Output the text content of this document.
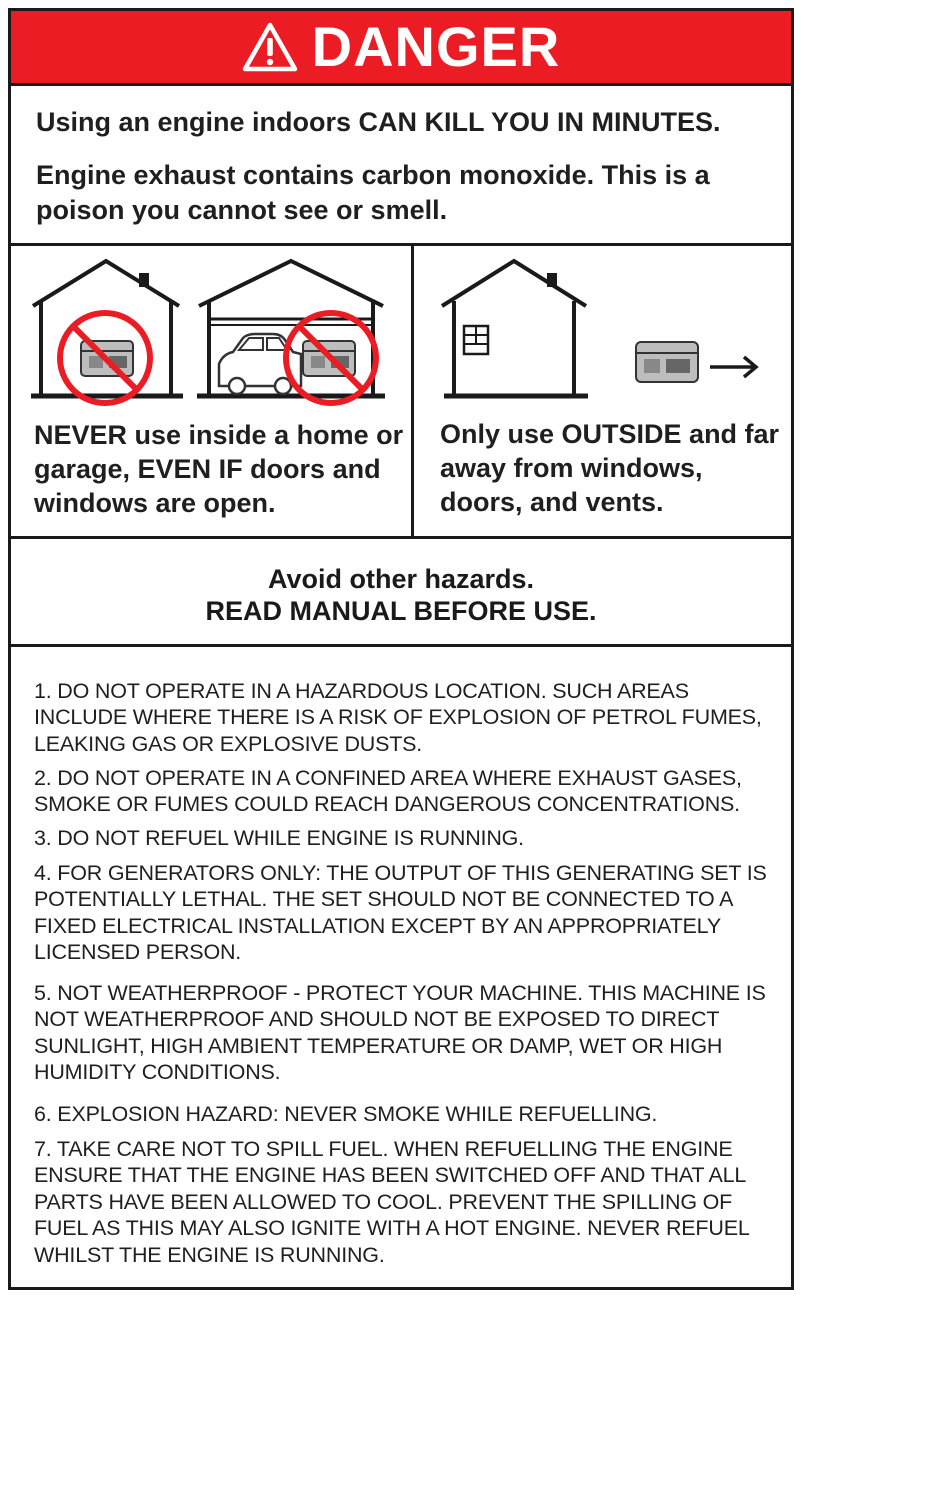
DANGER

Using an engine indoors CAN KILL YOU IN MINUTES.

Engine exhaust contains carbon monoxide. This is a poison you cannot see or smell.

NEVER use inside a home or garage, EVEN IF doors and windows are open.

Only use OUTSIDE and far away from windows, doors, and vents.

Avoid other hazards.

READ MANUAL BEFORE USE.

1. DO NOT OPERATE IN A HAZARDOUS LOCATION. SUCH AREAS INCLUDE WHERE THERE IS A RISK OF EXPLOSION OF PETROL FUMES, LEAKING GAS OR EXPLOSIVE DUSTS.

2. DO NOT OPERATE IN A CONFINED AREA WHERE EXHAUST GASES, SMOKE OR FUMES COULD REACH DANGEROUS CONCENTRATIONS.

3. DO NOT REFUEL WHILE ENGINE IS RUNNING.

4. FOR GENERATORS ONLY: THE OUTPUT OF THIS GENERATING SET IS POTENTIALLY LETHAL. THE SET SHOULD NOT BE CONNECTED TO A FIXED ELECTRICAL INSTALLATION EXCEPT BY AN APPROPRIATELY LICENSED PERSON.

5. NOT WEATHERPROOF - PROTECT YOUR MACHINE. THIS MACHINE IS NOT WEATHERPROOF AND SHOULD NOT BE EXPOSED TO DIRECT SUNLIGHT, HIGH AMBIENT TEMPERATURE OR DAMP, WET OR HIGH HUMIDITY CONDITIONS.

6. EXPLOSION HAZARD: NEVER SMOKE WHILE REFUELLING.

7. TAKE CARE NOT TO SPILL FUEL. WHEN REFUELLING THE ENGINE ENSURE THAT THE ENGINE HAS BEEN SWITCHED OFF AND THAT ALL PARTS HAVE BEEN ALLOWED TO COOL. PREVENT THE SPILLING OF FUEL AS THIS MAY ALSO IGNITE WITH A HOT ENGINE. NEVER REFUEL WHILST THE ENGINE IS RUNNING.
